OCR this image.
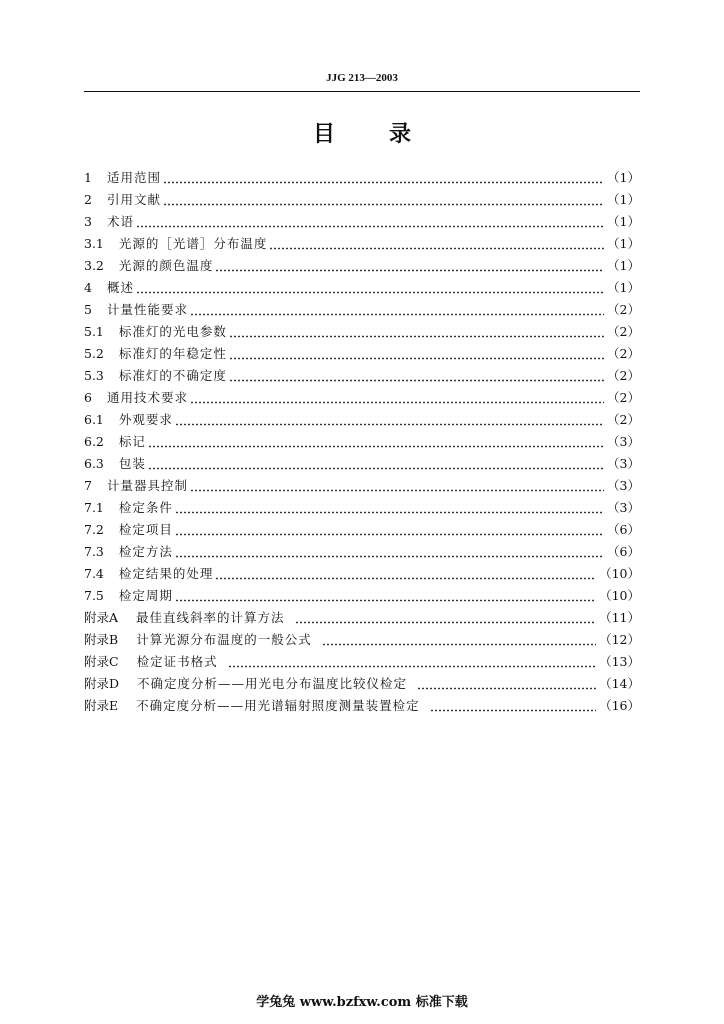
JJG 213—2003
目录
1 适用范围	（1）
2 引用文献	（1）
3 术语	（1）
3.1 光源的［光谱］分布温度	（1）
3.2 光源的颜色温度	（1）
4 概述	（1）
5 计量性能要求	（2）
5.1 标准灯的光电参数	（2）
5.2 标准灯的年稳定性	（2）
5.3 标准灯的不确定度	（2）
6 通用技术要求	（2）
6.1 外观要求	（2）
6.2 标记	（3）
6.3 包装	（3）
7 计量器具控制	（3）
7.1 检定条件	（3）
7.2 检定项目	（6）
7.3 检定方法	（6）
7.4 检定结果的处理	（10）
7.5 检定周期	（10）
附录A 最佳直线斜率的计算方法	（11）
附录B 计算光源分布温度的一般公式	（12）
附录C 检定证书格式	（13）
附录D 不确定度分析——用光电分布温度比较仪检定	（14）
附录E 不确定度分析——用光谱辐射照度测量装置检定	（16）
学兔兔 www.bzfxw.com 标准下载
